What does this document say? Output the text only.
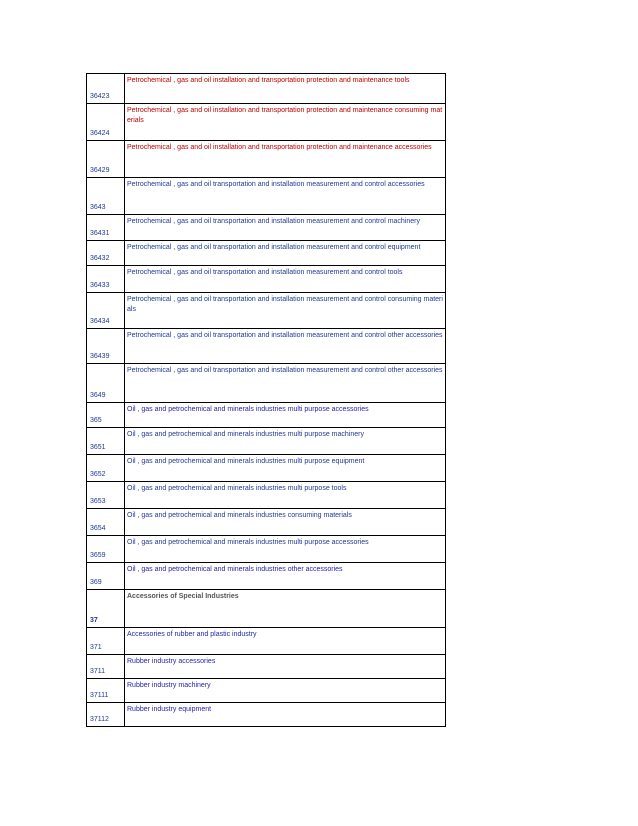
36423	Petrochemical , gas and oil installation and transportation protection and maintenance tools
36424	Petrochemical , gas and oil installation and transportation protection and maintenance consuming materials
36429	Petrochemical , gas and oil installation and transportation protection and maintenance accessories
3643	Petrochemical , gas and oil transportation and installation measurement and control accessories
36431	Petrochemical , gas and oil transportation and installation measurement and control machinery
36432	Petrochemical , gas and oil transportation and installation measurement and control equipment
36433	Petrochemical , gas and oil transportation and installation measurement and control tools
36434	Petrochemical , gas and oil transportation and installation measurement and control consuming materials
36439	Petrochemical , gas and oil transportation and installation measurement and control other accessories
3649	Petrochemical , gas and oil transportation and installation measurement and control other accessories
365	Oil , gas and petrochemical and minerals industries multi purpose accessories
3651	Oil , gas and petrochemical and minerals industries multi purpose machinery
3652	Oil , gas and petrochemical and minerals industries multi purpose equipment
3653	Oil , gas and petrochemical and minerals industries multi purpose tools
3654	Oil , gas and petrochemical and minerals industries consuming materials
3659	Oil , gas and petrochemical and minerals industries multi purpose accessories
369	Oil , gas and petrochemical and minerals industries other accessories
37	Accessories of Special Industries
371	Accessories of rubber and plastic industry
3711	Rubber industry accessories
37111	Rubber industry machinery
37112	Rubber industry equipment
